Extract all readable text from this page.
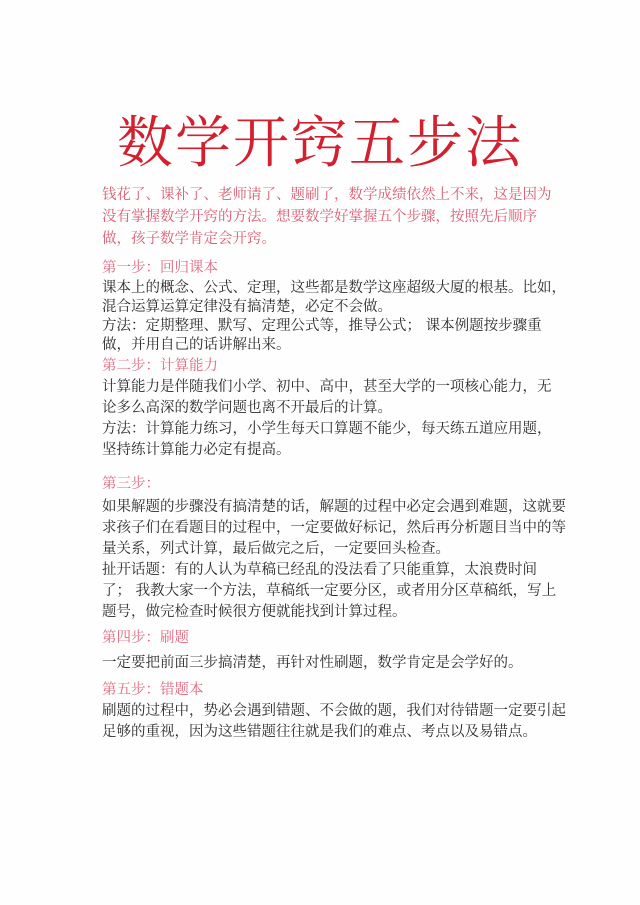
数学开窍五步法
钱花了、课补了、老师请了、题刷了，数学成绩依然上不来，这是因为
没有掌握数学开窍的方法。想要数学好掌握五个步骤，按照先后顺序
做，孩子数学肯定会开窍。
第一步：回归课本
课本上的概念、公式、定理，这些都是数学这座超级大厦的根基。比如，
混合运算运算定律没有搞清楚，必定不会做。
方法：定期整理、默写、定理公式等，推导公式； 课本例题按步骤重
做，并用自己的话讲解出来。
第二步：计算能力
计算能力是伴随我们小学、初中、高中，甚至大学的一项核心能力，无
论多么高深的数学问题也离不开最后的计算。
方法：计算能力练习，小学生每天口算题不能少，每天练五道应用题，
坚持练计算能力必定有提高。
第三步：
如果解题的步骤没有搞清楚的话，解题的过程中必定会遇到难题，这就要
求孩子们在看题目的过程中，一定要做好标记，然后再分析题目当中的等
量关系，列式计算，最后做完之后，一定要回头检查。
扯开话题：有的人认为草稿已经乱的没法看了只能重算，太浪费时间
了； 我教大家一个方法，草稿纸一定要分区，或者用分区草稿纸，写上
题号，做完检查时候很方便就能找到计算过程。
第四步：刷题
一定要把前面三步搞清楚，再针对性刷题，数学肯定是会学好的。
第五步：错题本
刷题的过程中，势必会遇到错题、不会做的题，我们对待错题一定要引起
足够的重视，因为这些错题往往就是我们的难点、考点以及易错点。
